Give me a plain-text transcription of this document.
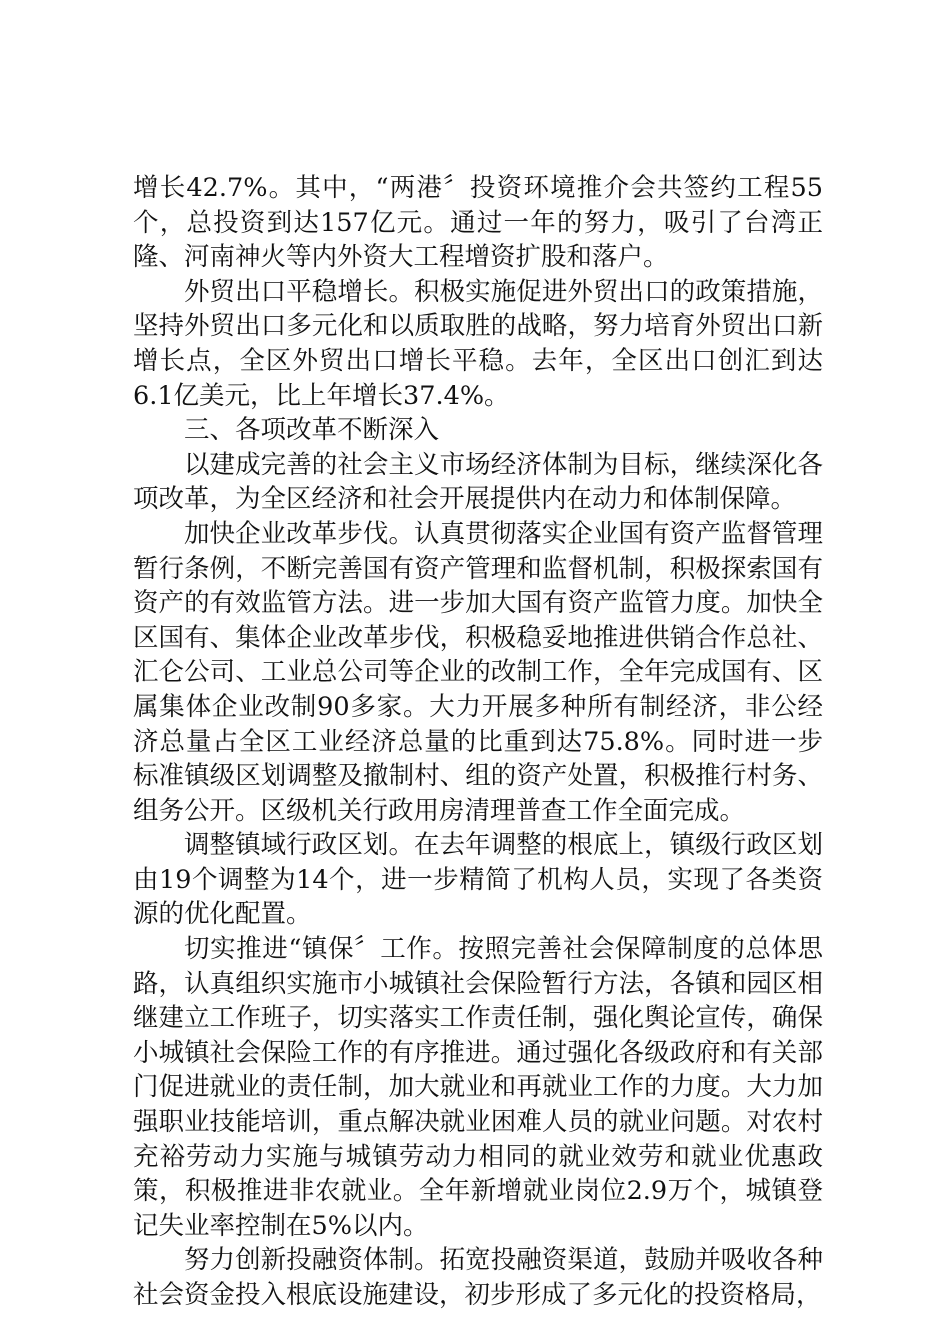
增长42.7%。其中，“两港〞投资环境推介会共签约工程55个，总投资到达157亿元。通过一年的努力，吸引了台湾正隆、河南神火等内外资大工程增资扩股和落户。

外贸出口平稳增长。积极实施促进外贸出口的政策措施，坚持外贸出口多元化和以质取胜的战略，努力培育外贸出口新增长点，全区外贸出口增长平稳。去年，全区出口创汇到达6.1亿美元，比上年增长37.4%。

三、各项改革不断深入

以建成完善的社会主义市场经济体制为目标，继续深化各项改革，为全区经济和社会开展提供内在动力和体制保障。

加快企业改革步伐。认真贯彻落实企业国有资产监督管理暂行条例，不断完善国有资产管理和监督机制，积极探索国有资产的有效监管方法。进一步加大国有资产监管力度。加快全区国有、集体企业改革步伐，积极稳妥地推进供销合作总社、汇仑公司、工业总公司等企业的改制工作，全年完成国有、区属集体企业改制90多家。大力开展多种所有制经济，非公经济总量占全区工业经济总量的比重到达75.8%。同时进一步标准镇级区划调整及撤制村、组的资产处置，积极推行村务、组务公开。区级机关行政用房清理普查工作全面完成。

调整镇域行政区划。在去年调整的根底上，镇级行政区划由19个调整为14个，进一步精简了机构人员，实现了各类资源的优化配置。

切实推进“镇保〞工作。按照完善社会保障制度的总体思路，认真组织实施市小城镇社会保险暂行方法，各镇和园区相继建立工作班子，切实落实工作责任制，强化舆论宣传，确保小城镇社会保险工作的有序推进。通过强化各级政府和有关部门促进就业的责任制，加大就业和再就业工作的力度。大力加强职业技能培训，重点解决就业困难人员的就业问题。对农村充裕劳动力实施与城镇劳动力相同的就业效劳和就业优惠政策，积极推进非农就业。全年新增就业岗位2.9万个，城镇登记失业率控制在5%以内。

努力创新投融资体制。拓宽投融资渠道，鼓励并吸收各种社会资金投入根底设施建设，初步形成了多元化的投资格局，
